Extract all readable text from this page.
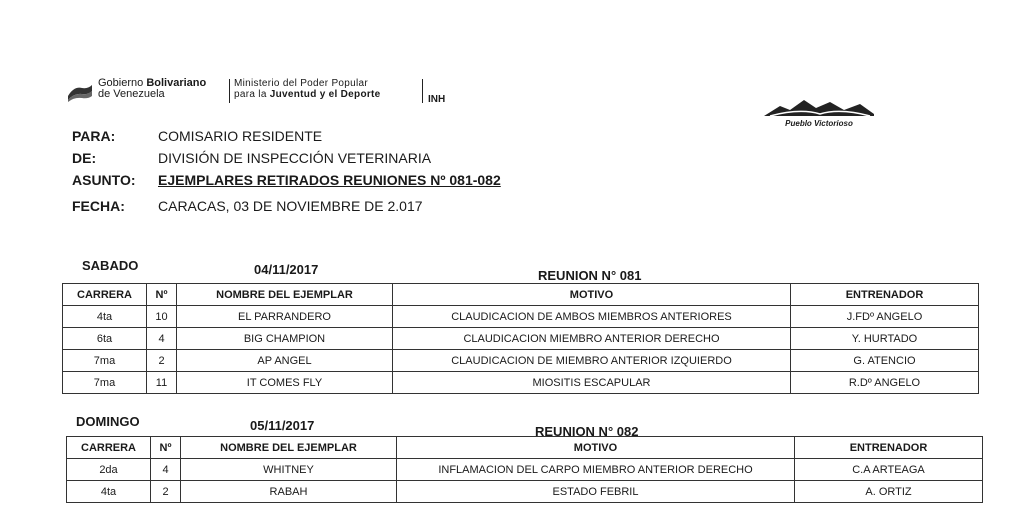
Gobierno Bolivariano
de Venezuela
Ministerio del Poder Popular
para la Juventud y el Deporte	INH
Pueblo Victorioso
PARA:	COMISARIO RESIDENTE
DE:	DIVISIÓN DE INSPECCIÓN VETERINARIA
ASUNTO: EJEMPLARES RETIRADOS REUNIONES Nº 081-082
FECHA: CARACAS, 03 DE NOVIEMBRE DE 2.017
SABADO	04/11/2017	REUNION N° 081
CARRERA	Nº	NOMBRE DEL EJEMPLAR	MOTIVO	ENTRENADOR
4ta	10	EL PARRANDERO	CLAUDICACION DE AMBOS MIEMBROS ANTERIORES	J.FDº ANGELO
6ta	4	BIG CHAMPION	CLAUDICACION MIEMBRO ANTERIOR DERECHO	Y. HURTADO
7ma	2	AP ANGEL	CLAUDICACION DE MIEMBRO ANTERIOR IZQUIERDO	G. ATENCIO
7ma	11	IT COMES FLY	MIOSITIS ESCAPULAR	R.Dº ANGELO
DOMINGO	05/11/2017	REUNION N° 082
CARRERA	Nº	NOMBRE DEL EJEMPLAR	MOTIVO	ENTRENADOR
2da	4	WHITNEY	INFLAMACION DEL CARPO MIEMBRO ANTERIOR DERECHO	C.A ARTEAGA
4ta	2	RABAH	ESTADO FEBRIL	A. ORTIZ
